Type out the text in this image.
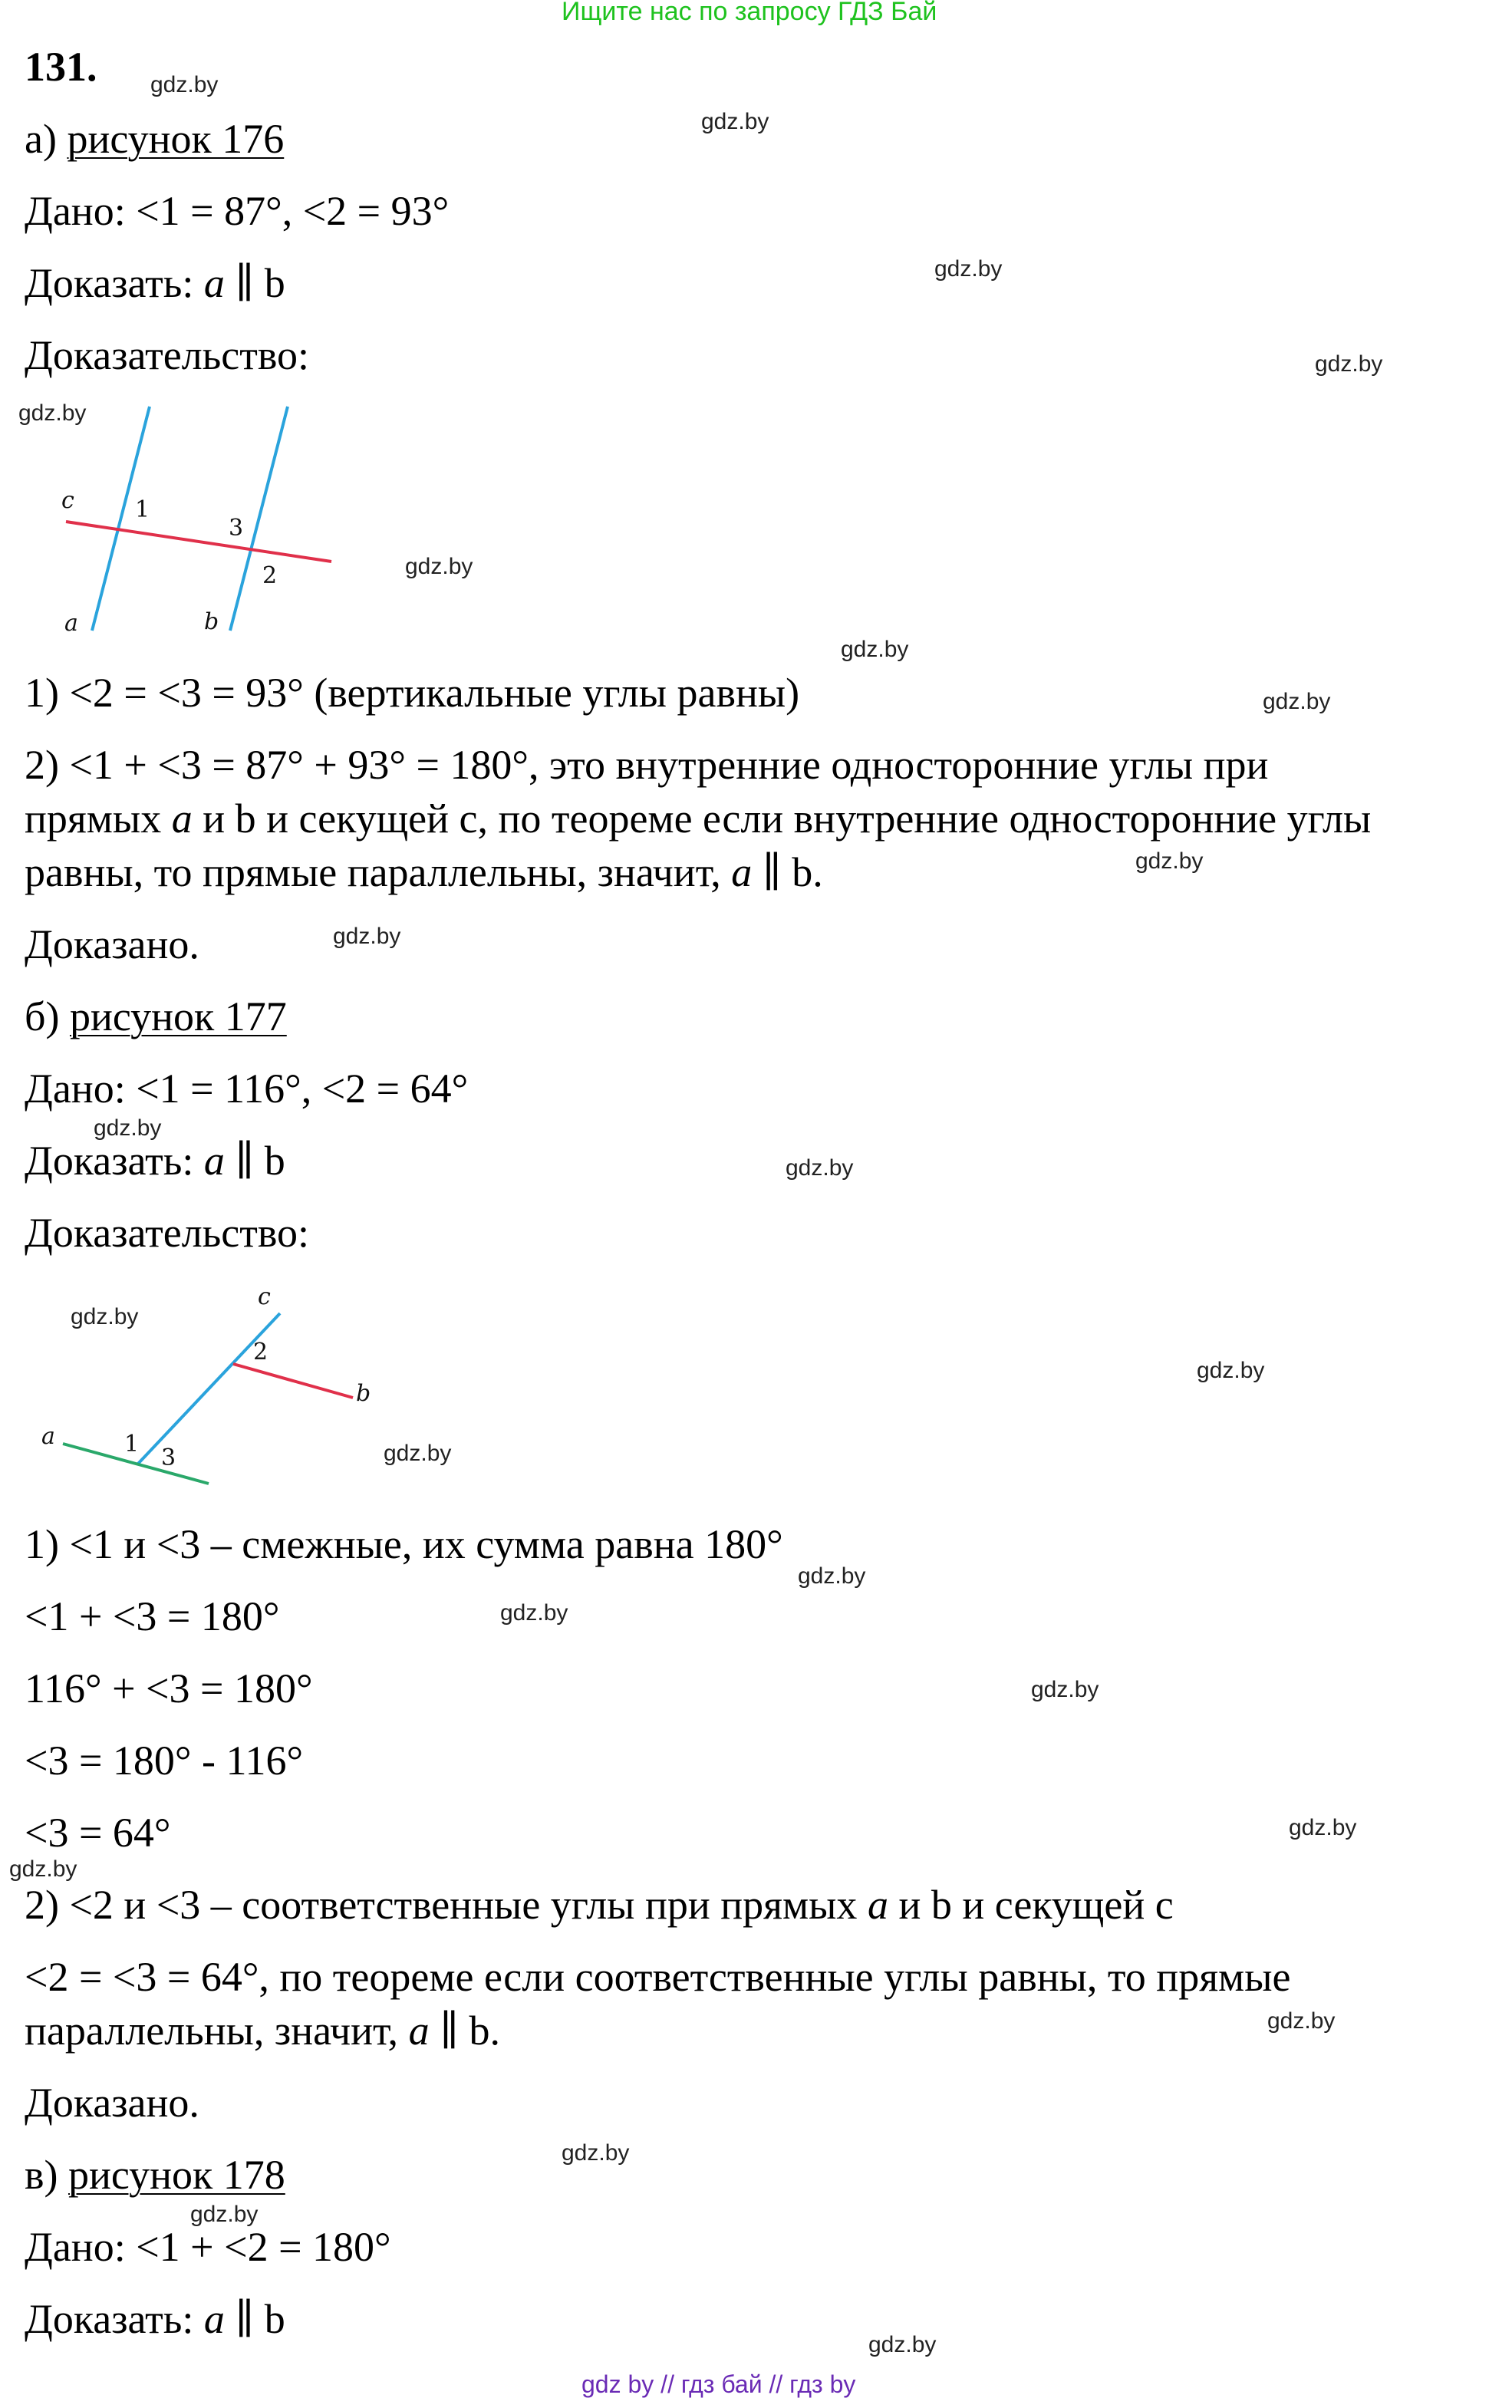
Ищите нас по запросу ГДЗ Бай
gdz by // гдз бай // гдз by
gdz.by
gdz.by
gdz.by
gdz.by
gdz.by
gdz.by
gdz.by
gdz.by
gdz.by
gdz.by
gdz.by
gdz.by
gdz.by
gdz.by
gdz.by
gdz.by
gdz.by
gdz.by
gdz.by
gdz.by
gdz.by
gdz.by
gdz.by
gdz.by
131.
а) рисунок 176
Дано: <1 = 87°, <2 = 93°
Доказать: a ∥ b
Доказательство:
c	1
3
2
a	b
1) <2 = <3 = 93° (вертикальные углы равны)
2) <1 + <3 = 87° + 93° = 180°, это внутренние односторонние углы при
прямых a и b и секущей с, по теореме если внутренние односторонние углы
равны, то прямые параллельны, значит, a ∥ b.
Доказано.
б) рисунок 177
Дано: <1 = 116°, <2 = 64°
Доказать: a ∥ b
Доказательство:
c
2
b
a	1
3
1) <1 и <3 – смежные, их сумма равна 180°
<1 + <3 = 180°
116° + <3 = 180°
<3 = 180° - 116°
<3 = 64°
2) <2 и <3 – соответственные углы при прямых a и b и секущей с
<2 = <3 = 64°, по теореме если соответственные углы равны, то прямые
параллельны, значит, a ∥ b.
Доказано.
в) рисунок 178
Дано: <1 + <2 = 180°
Доказать: a ∥ b
